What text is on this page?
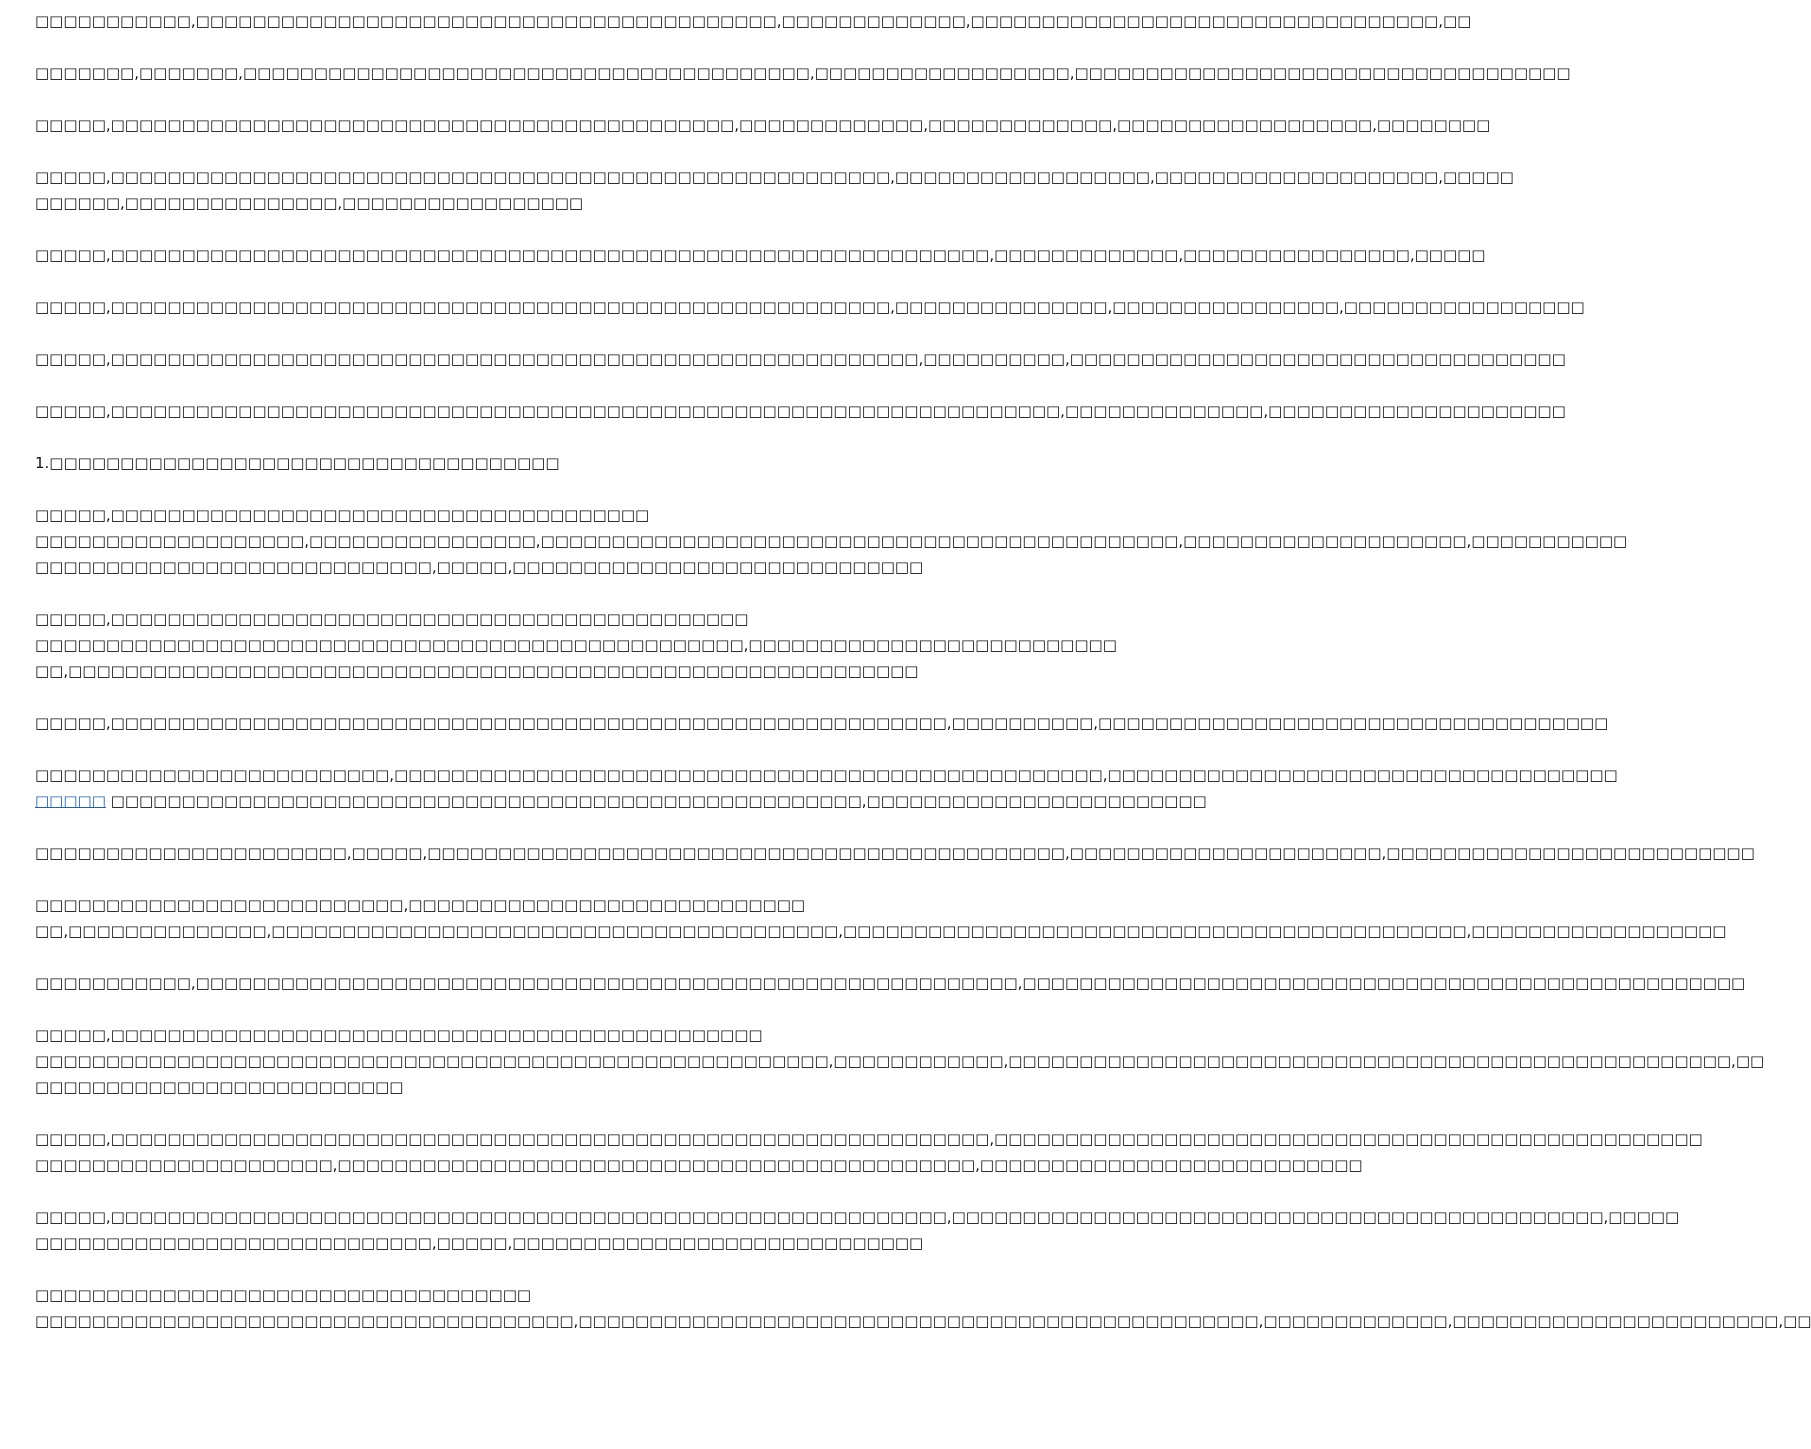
□□□□□□□□□□□,□□□□□□□□□□□□□□□□□□□□□□□□□□□□□□□□□□□□□□□□□,□□□□□□□□□□□□□,□□□□□□□□□□□□□□□□□□□□□□□□□□□□□□□□□,□□
□□□□□□□,□□□□□□□,□□□□□□□□□□□□□□□□□□□□□□□□□□□□□□□□□□□□□□□□,□□□□□□□□□□□□□□□□□□,□□□□□□□□□□□□□□□□□□□□□□□□□□□□□□□□□□□
□□□□□,□□□□□□□□□□□□□□□□□□□□□□□□□□□□□□□□□□□□□□□□□□□□,□□□□□□□□□□□□□,□□□□□□□□□□□□□,□□□□□□□□□□□□□□□□□□,□□□□□□□□
□□□□□,□□□□□□□□□□□□□□□□□□□□□□□□□□□□□□□□□□□□□□□□□□□□□□□□□□□□□□□,□□□□□□□□□□□□□□□□□□,□□□□□□□□□□□□□□□□□□□□,□□□□□
□□□□□□,□□□□□□□□□□□□□□□,□□□□□□□□□□□□□□□□□
□□□□□,□□□□□□□□□□□□□□□□□□□□□□□□□□□□□□□□□□□□□□□□□□□□□□□□□□□□□□□□□□□□□□,□□□□□□□□□□□□□,□□□□□□□□□□□□□□□□,□□□□□
□□□□□,□□□□□□□□□□□□□□□□□□□□□□□□□□□□□□□□□□□□□□□□□□□□□□□□□□□□□□□,□□□□□□□□□□□□□□□,□□□□□□□□□□□□□□□□,□□□□□□□□□□□□□□□□□
□□□□□,□□□□□□□□□□□□□□□□□□□□□□□□□□□□□□□□□□□□□□□□□□□□□□□□□□□□□□□□□,□□□□□□□□□□,□□□□□□□□□□□□□□□□□□□□□□□□□□□□□□□□□□□
□□□□□,□□□□□□□□□□□□□□□□□□□□□□□□□□□□□□□□□□□□□□□□□□□□□□□□□□□□□□□□□□□□□□□□□□□,□□□□□□□□□□□□□□,□□□□□□□□□□□□□□□□□□□□□
1.□□□□□□□□□□□□□□□□□□□□□□□□□□□□□□□□□□□□
□□□□□,□□□□□□□□□□□□□□□□□□□□□□□□□□□□□□□□□□□□□□
□□□□□□□□□□□□□□□□□□□,□□□□□□□□□□□□□□□□,□□□□□□□□□□□□□□□□□□□□□□□□□□□□□□□□□□□□□□□□□□□□□,□□□□□□□□□□□□□□□□□□□□,□□□□□□□□□□□
□□□□□□□□□□□□□□□□□□□□□□□□□□□□,□□□□□,□□□□□□□□□□□□□□□□□□□□□□□□□□□□□
□□□□□,□□□□□□□□□□□□□□□□□□□□□□□□□□□□□□□□□□□□□□□□□□□□□
□□□□□□□□□□□□□□□□□□□□□□□□□□□□□□□□□□□□□□□□□□□□□□□□□□,□□□□□□□□□□□□□□□□□□□□□□□□□□
□□,□□□□□□□□□□□□□□□□□□□□□□□□□□□□□□□□□□□□□□□□□□□□□□□□□□□□□□□□□□□□
□□□□□,□□□□□□□□□□□□□□□□□□□□□□□□□□□□□□□□□□□□□□□□□□□□□□□□□□□□□□□□□□□,□□□□□□□□□□,□□□□□□□□□□□□□□□□□□□□□□□□□□□□□□□□□□□□
□□□□□□□□□□□□□□□□□□□□□□□□□,□□□□□□□□□□□□□□□□□□□□□□□□□□□□□□□□□□□□□□□□□□□□□□□□□□,□□□□□□□□□□□□□□□□□□□□□□□□□□□□□□□□□□□□
□□□□□ □□□□□□□□□□□□□□□□□□□□□□□□□□□□□□□□□□□□□□□□□□□□□□□□□□□□□,□□□□□□□□□□□□□□□□□□□□□□□□
□□□□□□□□□□□□□□□□□□□□□□,□□□□□,□□□□□□□□□□□□□□□□□□□□□□□□□□□□□□□□□□□□□□□□□□□□□,□□□□□□□□□□□□□□□□□□□□□□,□□□□□□□□□□□□□□□□□□□□□□□□□□
□□□□□□□□□□□□□□□□□□□□□□□□□□,□□□□□□□□□□□□□□□□□□□□□□□□□□□□
□□,□□□□□□□□□□□□□□,□□□□□□□□□□□□□□□□□□□□□□□□□□□□□□□□□□□□□□□□,□□□□□□□□□□□□□□□□□□□□□□□□□□□□□□□□□□□□□□□□□□□□,□□□□□□□□□□□□□□□□□□
□□□□□□□□□□□,□□□□□□□□□□□□□□□□□□□□□□□□□□□□□□□□□□□□□□□□□□□□□□□□□□□□□□□□□□,□□□□□□□□□□□□□□□□□□□□□□□□□□□□□□□□□□□□□□□□□□□□□□□□□□□
□□□□□,□□□□□□□□□□□□□□□□□□□□□□□□□□□□□□□□□□□□□□□□□□□□□□
□□□□□□□□□□□□□□□□□□□□□□□□□□□□□□□□□□□□□□□□□□□□□□□□□□□□□□□□,□□□□□□□□□□□□,□□□□□□□□□□□□□□□□□□□□□□□□□□□□□□□□□□□□□□□□□□□□□□□□□□□,□□
□□□□□□□□□□□□□□□□□□□□□□□□□□
□□□□□,□□□□□□□□□□□□□□□□□□□□□□□□□□□□□□□□□□□□□□□□□□□□□□□□□□□□□□□□□□□□□□,□□□□□□□□□□□□□□□□□□□□□□□□□□□□□□□□□□□□□□□□□□□□□□□□□□
□□□□□□□□□□□□□□□□□□□□□,□□□□□□□□□□□□□□□□□□□□□□□□□□□□□□□□□□□□□□□□□□□□□,□□□□□□□□□□□□□□□□□□□□□□□□□□□
□□□□□,□□□□□□□□□□□□□□□□□□□□□□□□□□□□□□□□□□□□□□□□□□□□□□□□□□□□□□□□□□□,□□□□□□□□□□□□□□□□□□□□□□□□□□□□□□□□□□□□□□□□□□□□□□,□□□□□
□□□□□□□□□□□□□□□□□□□□□□□□□□□□,□□□□□,□□□□□□□□□□□□□□□□□□□□□□□□□□□□□
□□□□□□□□□□□□□□□□□□□□□□□□□□□□□□□□□□□
□□□□□□□□□□□□□□□□□□□□□□□□□□□□□□□□□□□□□□,□□□□□□□□□□□□□□□□□□□□□□□□□□□□□□□□□□□□□□□□□□□□□□□□,□□□□□□□□□□□□□,□□□□□□□□□□□□□□□□□□□□□□□,□□
